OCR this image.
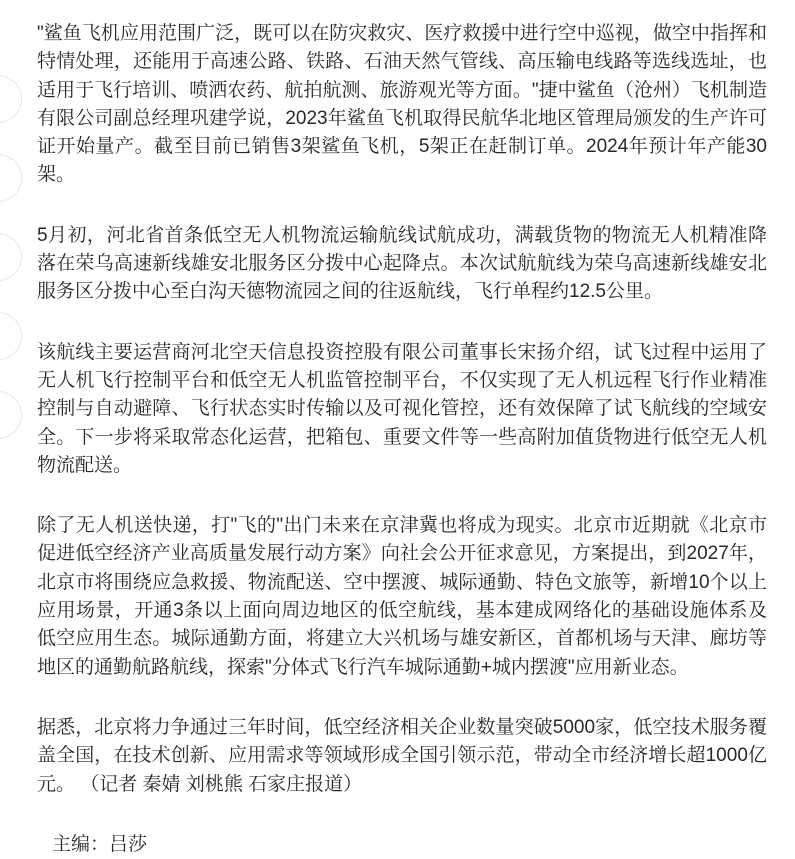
"鲨鱼飞机应用范围广泛，既可以在防灾救灾、医疗救援中进行空中巡视，做空中指挥和特情处理，还能用于高速公路、铁路、石油天然气管线、高压输电线路等选线选址，也适用于飞行培训、喷洒农药、航拍航测、旅游观光等方面。"捷中鲨鱼（沧州）飞机制造有限公司副总经理巩建学说，2023年鲨鱼飞机取得民航华北地区管理局颁发的生产许可证开始量产。截至目前已销售3架鲨鱼飞机，5架正在赶制订单。2024年预计年产能30架。

5月初，河北省首条低空无人机物流运输航线试航成功，满载货物的物流无人机精准降落在荣乌高速新线雄安北服务区分拨中心起降点。本次试航航线为荣乌高速新线雄安北服务区分拨中心至白沟天德物流园之间的往返航线，飞行单程约12.5公里。

该航线主要运营商河北空天信息投资控股有限公司董事长宋扬介绍，试飞过程中运用了无人机飞行控制平台和低空无人机监管控制平台，不仅实现了无人机远程飞行作业精准控制与自动避障、飞行状态实时传输以及可视化管控，还有效保障了试飞航线的空域安全。下一步将采取常态化运营，把箱包、重要文件等一些高附加值货物进行低空无人机物流配送。

除了无人机送快递，打"飞的"出门未来在京津冀也将成为现实。北京市近期就《北京市促进低空经济产业高质量发展行动方案》向社会公开征求意见，方案提出，到2027年，北京市将围绕应急救援、物流配送、空中摆渡、城际通勤、特色文旅等，新增10个以上应用场景，开通3条以上面向周边地区的低空航线，基本建成网络化的基础设施体系及低空应用生态。城际通勤方面，将建立大兴机场与雄安新区，首都机场与天津、廊坊等地区的通勤航路航线，探索"分体式飞行汽车城际通勤+城内摆渡"应用新业态。

据悉，北京将力争通过三年时间，低空经济相关企业数量突破5000家，低空技术服务覆盖全国，在技术创新、应用需求等领域形成全国引领示范，带动全市经济增长超1000亿元。 （记者 秦婧 刘桃熊 石家庄报道）

主编：吕莎
